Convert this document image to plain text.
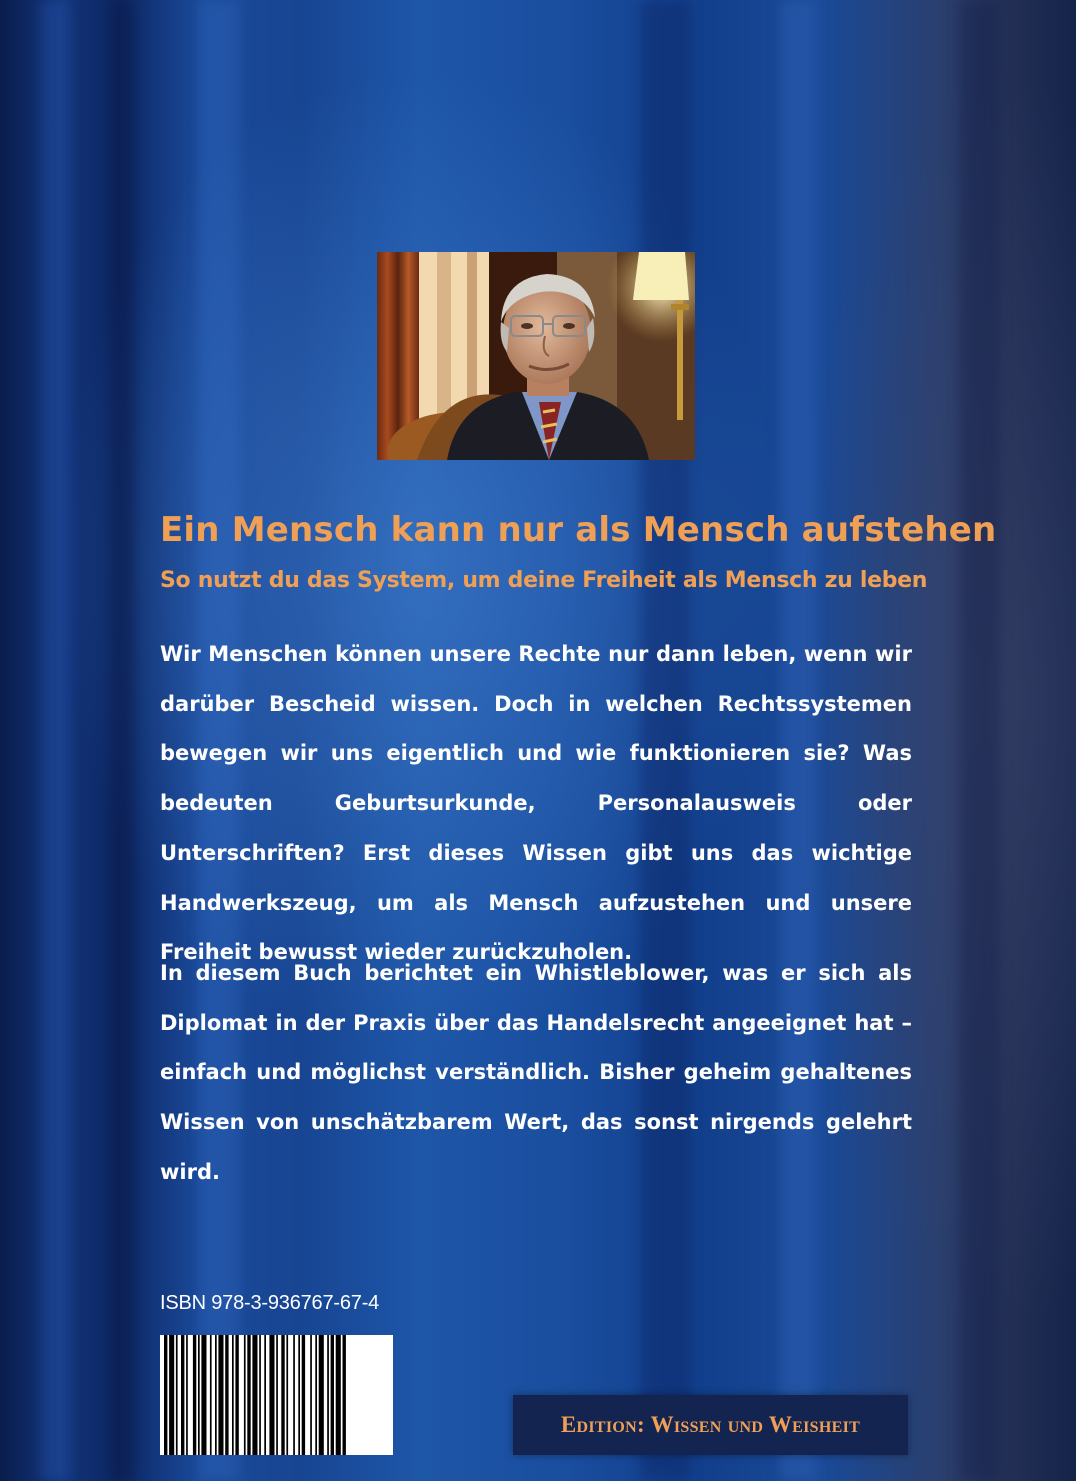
Ein Mensch kann nur als Mensch aufstehen
So nutzt du das System, um deine Freiheit als Mensch zu leben

Wir Menschen können unsere Rechte nur dann leben, wenn wir darüber Bescheid wissen. Doch in welchen Rechtssystemen bewegen wir uns eigentlich und wie funktionieren sie? Was bedeuten Geburtsurkunde, Personalausweis oder Unterschriften? Erst dieses Wissen gibt uns das wichtige Handwerkszeug, um als Mensch aufzustehen und unsere Freiheit bewusst wieder zurückzuholen.

In diesem Buch berichtet ein Whistleblower, was er sich als Diplomat in der Praxis über das Handelsrecht angeeignet hat – einfach und möglichst verständlich. Bisher geheim gehaltenes Wissen von unschätzbarem Wert, das sonst nirgends gelehrt wird.

ISBN 978-3-936767-67-4
Edition: Wissen und Weisheit
